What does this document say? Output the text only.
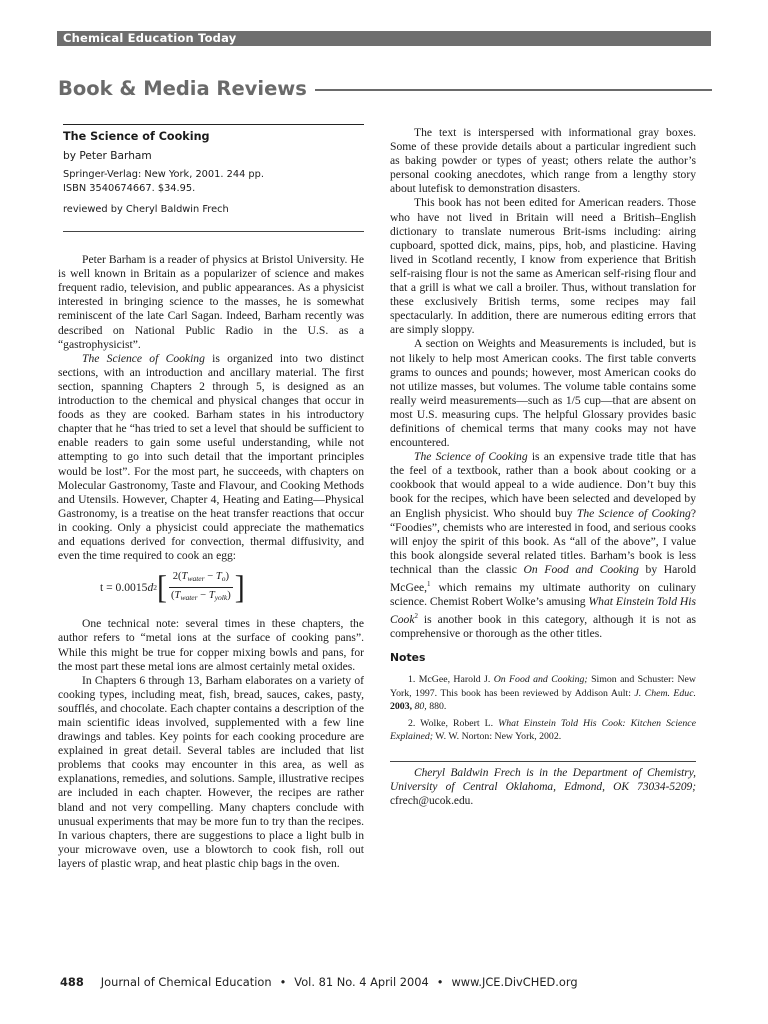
Chemical Education Today
Book & Media Reviews
The Science of Cooking
by Peter Barham
Springer-Verlag: New York, 2001. 244 pp.
ISBN 3540674667. $34.95.
reviewed by Cheryl Baldwin Frech

Peter Barham is a reader of physics at Bristol University. He is well known in Britain as a popularizer of science and makes frequent radio, television, and public appearances. As a physicist interested in bringing science to the masses, he is somewhat reminiscent of the late Carl Sagan. Indeed, Barham recently was described on National Public Radio in the U.S. as a “gastrophysicist”.

The Science of Cooking is organized into two distinct sections, with an introduction and ancillary material. The first section, spanning Chapters 2 through 5, is designed as an introduction to the chemical and physical changes that occur in foods as they are cooked. Barham states in his introductory chapter that he “has tried to set a level that should be sufficient to enable readers to gain some useful understanding, while not attempting to go into such detail that the important principles would be lost”. For the most part, he succeeds, with chapters on Molecular Gastronomy, Taste and Flavour, and Cooking Methods and Utensils. However, Chapter 4, Heating and Eating—Physical Gastronomy, is a treatise on the heat transfer reactions that occur in cooking. Only a physicist could appreciate the mathematics and equations derived for convection, thermal diffusivity, and even the time required to cook an egg:

t = 0.0015 d 2 [ $\frac{2(T_{water} - T_o)}{(T_{water} - T_{yolk})}$ ]

One technical note: several times in these chapters, the author refers to “metal ions at the surface of cooking pans”. While this might be true for copper mixing bowls and pans, for the most part these metal ions are almost certainly metal oxides.

In Chapters 6 through 13, Barham elaborates on a variety of cooking types, including meat, fish, bread, sauces, cakes, pasty, soufflés, and chocolate. Each chapter contains a description of the main scientific ideas involved, supplemented with a few line drawings and tables. Key points for each cooking procedure are explained in great detail. Several tables are included that list problems that cooks may encounter in this area, as well as explanations, remedies, and solutions. Sample, illustrative recipes are included in each chapter. However, the recipes are rather bland and not very compelling. Many chapters conclude with unusual experiments that may be more fun to try than the recipes. In various chapters, there are suggestions to place a light bulb in your microwave oven, use a blowtorch to cook fish, roll out layers of plastic wrap, and heat plastic chip bags in the oven.

The text is interspersed with informational gray boxes. Some of these provide details about a particular ingredient such as baking powder or types of yeast; others relate the author’s personal cooking anecdotes, which range from a lengthy story about lutefisk to demonstration disasters.

This book has not been edited for American readers. Those who have not lived in Britain will need a British–English dictionary to translate numerous Brit-isms including: airing cupboard, spotted dick, mains, pips, hob, and plasticine. Having lived in Scotland recently, I know from experience that British self-raising flour is not the same as American self-rising flour and that a grill is what we call a broiler. Thus, without translation for these exclusively British terms, some recipes may fail spectacularly. In addition, there are numerous editing errors that are simply sloppy.

A section on Weights and Measurements is included, but is not likely to help most American cooks. The first table converts grams to ounces and pounds; however, most American cooks do not utilize masses, but volumes. The volume table contains some really weird measurements—such as 1/5 cup—that are absent on most U.S. measuring cups. The helpful Glossary provides basic definitions of chemical terms that many cooks may not have encountered.

The Science of Cooking is an expensive trade title that has the feel of a textbook, rather than a book about cooking or a cookbook that would appeal to a wide audience. Don’t buy this book for the recipes, which have been selected and developed by an English physicist. Who should buy The Science of Cooking? “Foodies”, chemists who are interested in food, and serious cooks will enjoy the spirit of this book. As “all of the above”, I value this book alongside several related titles. Barham’s book is less technical than the classic On Food and Cooking by Harold McGee,$^1$ which remains my ultimate authority on culinary science. Chemist Robert Wolke’s amusing What Einstein Told His Cook$^2$ is another book in this category, although it is not as comprehensive or thorough as the other titles.

Notes
1. McGee, Harold J. On Food and Cooking; Simon and Schuster: New York, 1997. This book has been reviewed by Addison Ault: J. Chem. Educ. 2003, 80, 880.
2. Wolke, Robert L. What Einstein Told His Cook: Kitchen Science Explained; W. W. Norton: New York, 2002.
Cheryl Baldwin Frech is in the Department of Chemistry, University of Central Oklahoma, Edmond, OK 73034-5209; cfrech@ucok.edu.
488 Journal of Chemical Education • Vol. 81 No. 4 April 2004 • www.JCE.DivCHED.org
